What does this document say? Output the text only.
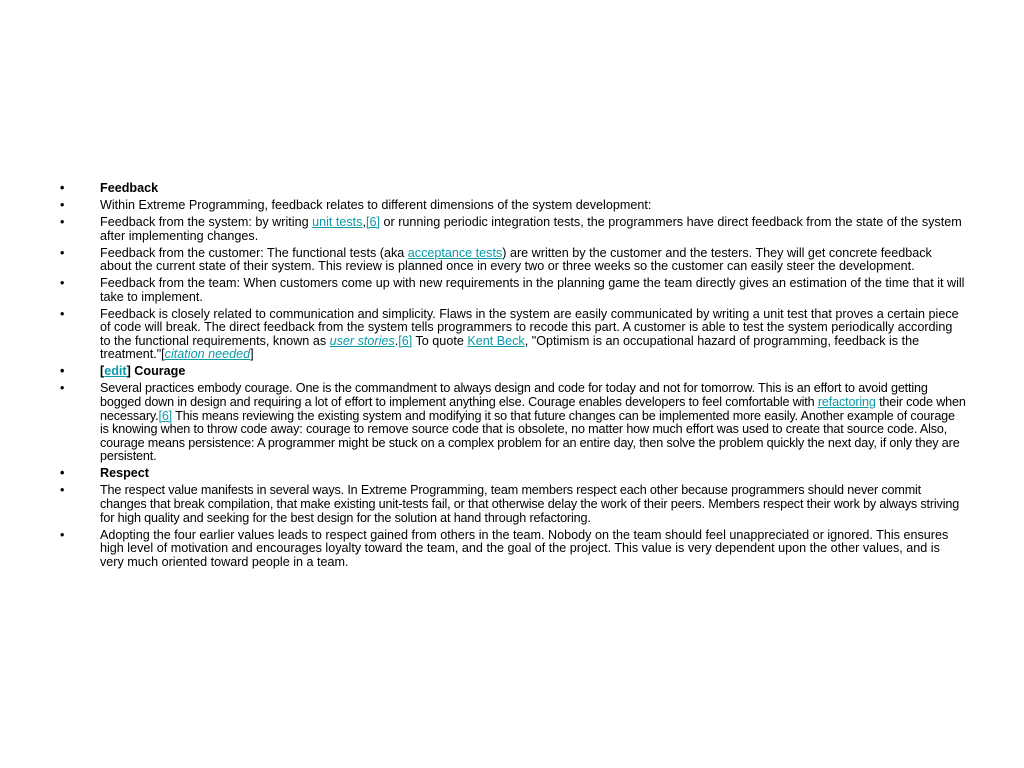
•	Feedback
•	Within Extreme Programming, feedback relates to different dimensions of the system development:
•	Feedback from the system: by writing unit tests,[6] or running periodic integration tests, the programmers have direct feedback from the state of the system after implementing changes.
•	Feedback from the customer: The functional tests (aka acceptance tests) are written by the customer and the testers. They will get concrete feedback about the current state of their system. This review is planned once in every two or three weeks so the customer can easily steer the development.
•	Feedback from the team: When customers come up with new requirements in the planning game the team directly gives an estimation of the time that it will take to implement.
•	Feedback is closely related to communication and simplicity. Flaws in the system are easily communicated by writing a unit test that proves a certain piece of code will break. The direct feedback from the system tells programmers to recode this part. A customer is able to test the system periodically according to the functional requirements, known as user stories.[6] To quote Kent Beck, "Optimism is an occupational hazard of programming, feedback is the treatment."[citation needed]
•	[edit] Courage
•	Several practices embody courage. One is the commandment to always design and code for today and not for tomorrow. This is an effort to avoid getting bogged down in design and requiring a lot of effort to implement anything else. Courage enables developers to feel comfortable with refactoring their code when necessary.[6] This means reviewing the existing system and modifying it so that future changes can be implemented more easily. Another example of courage is knowing when to throw code away: courage to remove source code that is obsolete, no matter how much effort was used to create that source code. Also, courage means persistence: A programmer might be stuck on a complex problem for an entire day, then solve the problem quickly the next day, if only they are persistent.
•	Respect
•	The respect value manifests in several ways. In Extreme Programming, team members respect each other because programmers should never commit changes that break compilation, that make existing unit-tests fail, or that otherwise delay the work of their peers. Members respect their work by always striving for high quality and seeking for the best design for the solution at hand through refactoring.
•	Adopting the four earlier values leads to respect gained from others in the team. Nobody on the team should feel unappreciated or ignored. This ensures high level of motivation and encourages loyalty toward the team, and the goal of the project. This value is very dependent upon the other values, and is very much oriented toward people in a team.
